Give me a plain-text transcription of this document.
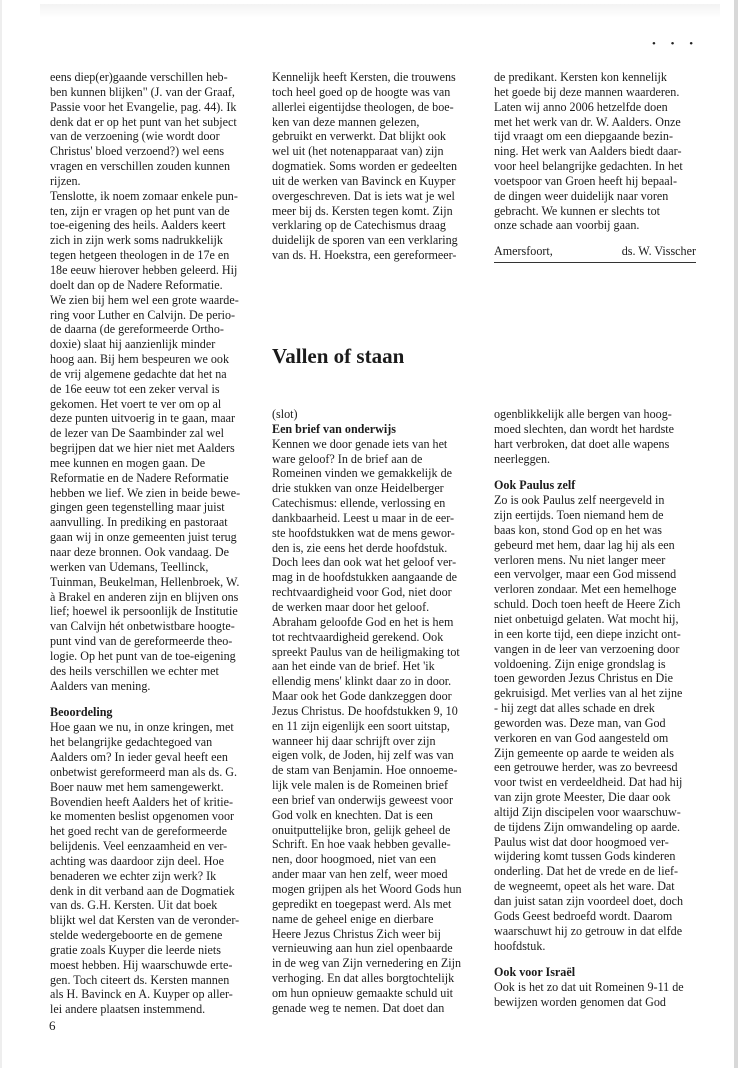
• • •
eens diep(er)gaande verschillen heb-
ben kunnen blijken" (J. van der Graaf,
Passie voor het Evangelie, pag. 44). Ik
denk dat er op het punt van het subject
van de verzoening (wie wordt door
Christus' bloed verzoend?) wel eens
vragen en verschillen zouden kunnen
rijzen.
Tenslotte, ik noem zomaar enkele pun-
ten, zijn er vragen op het punt van de
toe-eigening des heils. Aalders keert
zich in zijn werk soms nadrukkelijk
tegen hetgeen theologen in de 17e en
18e eeuw hierover hebben geleerd. Hij
doelt dan op de Nadere Reformatie.
We zien bij hem wel een grote waarde-
ring voor Luther en Calvijn. De perio-
de daarna (de gereformeerde Ortho-
doxie) slaat hij aanzienlijk minder
hoog aan. Bij hem bespeuren we ook
de vrij algemene gedachte dat het na
de 16e eeuw tot een zeker verval is
gekomen. Het voert te ver om op al
deze punten uitvoerig in te gaan, maar
de lezer van De Saambinder zal wel
begrijpen dat we hier niet met Aalders
mee kunnen en mogen gaan. De
Reformatie en de Nadere Reformatie
hebben we lief. We zien in beide bewe-
gingen geen tegenstelling maar juist
aanvulling. In prediking en pastoraat
gaan wij in onze gemeenten juist terug
naar deze bronnen. Ook vandaag. De
werken van Udemans, Teellinck,
Tuinman, Beukelman, Hellenbroek, W.
à Brakel en anderen zijn en blijven ons
lief; hoewel ik persoonlijk de Institutie
van Calvijn hét onbetwistbare hoogte-
punt vind van de gereformeerde theo-
logie. Op het punt van de toe-eigening
des heils verschillen we echter met
Aalders van mening.
Beoordeling
Hoe gaan we nu, in onze kringen, met
het belangrijke gedachtegoed van
Aalders om? In ieder geval heeft een
onbetwist gereformeerd man als ds. G.
Boer nauw met hem samengewerkt.
Bovendien heeft Aalders het of kritie-
ke momenten beslist opgenomen voor
het goed recht van de gereformeerde
belijdenis. Veel eenzaamheid en ver-
achting was daardoor zijn deel. Hoe
benaderen we echter zijn werk? Ik
denk in dit verband aan de Dogmatiek
van ds. G.H. Kersten. Uit dat boek
blijkt wel dat Kersten van de veronder-
stelde wedergeboorte en de gemene
gratie zoals Kuyper die leerde niets
moest hebben. Hij waarschuwde erte-
gen. Toch citeert ds. Kersten mannen
als H. Bavinck en A. Kuyper op aller-
lei andere plaatsen instemmend.
Kennelijk heeft Kersten, die trouwens
toch heel goed op de hoogte was van
allerlei eigentijdse theologen, de boe-
ken van deze mannen gelezen,
gebruikt en verwerkt. Dat blijkt ook
wel uit (het notenapparaat van) zijn
dogmatiek. Soms worden er gedeelten
uit de werken van Bavinck en Kuyper
overgeschreven. Dat is iets wat je wel
meer bij ds. Kersten tegen komt. Zijn
verklaring op de Catechismus draag
duidelijk de sporen van een verklaring
van ds. H. Hoekstra, een gereformeer-
de predikant. Kersten kon kennelijk
het goede bij deze mannen waarderen.
Laten wij anno 2006 hetzelfde doen
met het werk van dr. W. Aalders. Onze
tijd vraagt om een diepgaande bezin-
ning. Het werk van Aalders biedt daar-
voor heel belangrijke gedachten. In het
voetspoor van Groen heeft hij bepaal-
de dingen weer duidelijk naar voren
gebracht. We kunnen er slechts tot
onze schade aan voorbij gaan.
Amersfoort,	ds. W. Visscher
Vallen of staan
(slot)
Een brief van onderwijs
Kennen we door genade iets van het
ware geloof? In de brief aan de
Romeinen vinden we gemakkelijk de
drie stukken van onze Heidelberger
Catechismus: ellende, verlossing en
dankbaarheid. Leest u maar in de eer-
ste hoofdstukken wat de mens gewor-
den is, zie eens het derde hoofdstuk.
Doch lees dan ook wat het geloof ver-
mag in de hoofdstukken aangaande de
rechtvaardigheid voor God, niet door
de werken maar door het geloof.
Abraham geloofde God en het is hem
tot rechtvaardigheid gerekend. Ook
spreekt Paulus van de heiligmaking tot
aan het einde van de brief. Het 'ik
ellendig mens' klinkt daar zo in door.
Maar ook het Gode dankzeggen door
Jezus Christus. De hoofdstukken 9, 10
en 11 zijn eigenlijk een soort uitstap,
wanneer hij daar schrijft over zijn
eigen volk, de Joden, hij zelf was van
de stam van Benjamin. Hoe onnoeme-
lijk vele malen is de Romeinen brief
een brief van onderwijs geweest voor
God volk en knechten. Dat is een
onuitputtelijke bron, gelijk geheel de
Schrift. En hoe vaak hebben gevalle-
nen, door hoogmoed, niet van een
ander maar van hen zelf, weer moed
mogen grijpen als het Woord Gods hun
gepredikt en toegepast werd. Als met
name de geheel enige en dierbare
Heere Jezus Christus Zich weer bij
vernieuwing aan hun ziel openbaarde
in de weg van Zijn vernedering en Zijn
verhoging. En dat alles borgtochtelijk
om hun opnieuw gemaakte schuld uit
genade weg te nemen. Dat doet dan
ogenblikkelijk alle bergen van hoog-
moed slechten, dan wordt het hardste
hart verbroken, dat doet alle wapens
neerleggen.
Ook Paulus zelf
Zo is ook Paulus zelf neergeveld in
zijn eertijds. Toen niemand hem de
baas kon, stond God op en het was
gebeurd met hem, daar lag hij als een
verloren mens. Nu niet langer meer
een vervolger, maar een God missend
verloren zondaar. Met een hemelhoge
schuld. Doch toen heeft de Heere Zich
niet onbetuigd gelaten. Wat mocht hij,
in een korte tijd, een diepe inzicht ont-
vangen in de leer van verzoening door
voldoening. Zijn enige grondslag is
toen geworden Jezus Christus en Die
gekruisigd. Met verlies van al het zijne
- hij zegt dat alles schade en drek
geworden was. Deze man, van God
verkoren en van God aangesteld om
Zijn gemeente op aarde te weiden als
een getrouwe herder, was zo bevreesd
voor twist en verdeeldheid. Dat had hij
van zijn grote Meester, Die daar ook
altijd Zijn discipelen voor waarschuw-
de tijdens Zijn omwandeling op aarde.
Paulus wist dat door hoogmoed ver-
wijdering komt tussen Gods kinderen
onderling. Dat het de vrede en de lief-
de wegneemt, opeet als het ware. Dat
dan juist satan zijn voordeel doet, doch
Gods Geest bedroefd wordt. Daarom
waarschuwt hij zo getrouw in dat elfde
hoofdstuk.
Ook voor Israël
Ook is het zo dat uit Romeinen 9-11 de
bewijzen worden genomen dat God
6
